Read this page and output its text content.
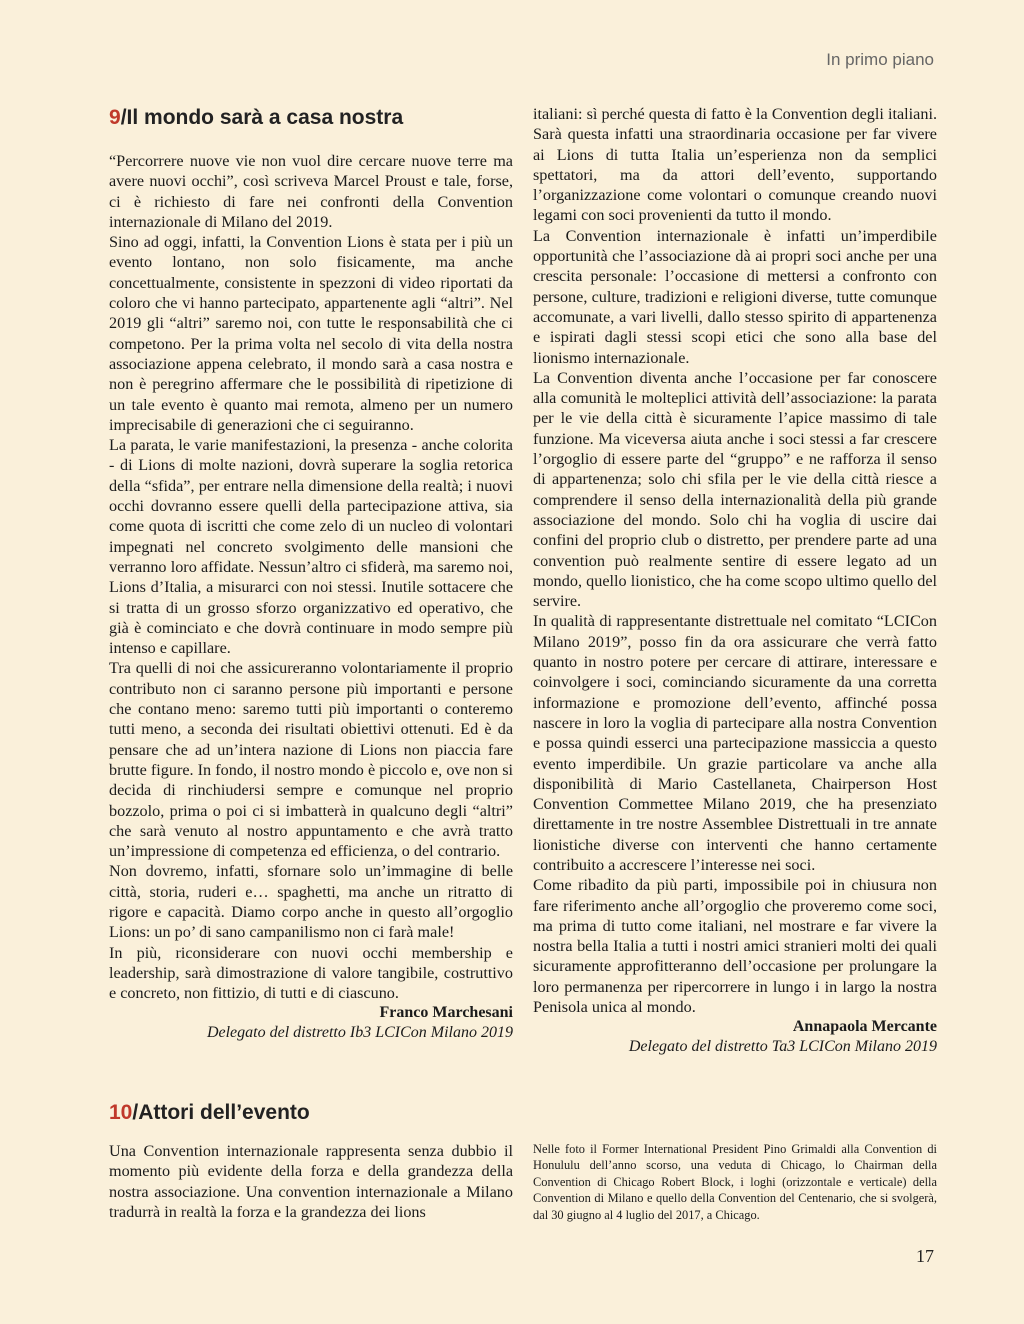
In primo piano
9/Il mondo sarà a casa nostra

“Percorrere nuove vie non vuol dire cercare nuove terre ma avere nuovi occhi”, così scriveva Marcel Proust e tale, forse, ci è richiesto di fare nei confronti della Convention internazionale di Milano del 2019.

Sino ad oggi, infatti, la Convention Lions è stata per i più un evento lontano, non solo fisicamente, ma anche concettualmente, consistente in spezzoni di video riportati da coloro che vi hanno partecipato, appartenente agli “altri”. Nel 2019 gli “altri” saremo noi, con tutte le responsabilità che ci competono. Per la prima volta nel secolo di vita della nostra associazione appena celebrato, il mondo sarà a casa nostra e non è peregrino affermare che le possibilità di ripetizione di un tale evento è quanto mai remota, almeno per un numero imprecisabile di generazioni che ci seguiranno.

La parata, le varie manifestazioni, la presenza - anche colorita - di Lions di molte nazioni, dovrà superare la soglia retorica della “sfida”, per entrare nella dimensione della realtà; i nuovi occhi dovranno essere quelli della partecipazione attiva, sia come quota di iscritti che come zelo di un nucleo di volontari impegnati nel concreto svolgimento delle mansioni che verranno loro affidate. Nessun’altro ci sfiderà, ma saremo noi, Lions d’Italia, a misurarci con noi stessi. Inutile sottacere che si tratta di un grosso sforzo organizzativo ed operativo, che già è cominciato e che dovrà continuare in modo sempre più intenso e capillare.

Tra quelli di noi che assicureranno volontariamente il proprio contributo non ci saranno persone più importanti e persone che contano meno: saremo tutti più importanti o conteremo tutti meno, a seconda dei risultati obiettivi ottenuti. Ed è da pensare che ad un’intera nazione di Lions non piaccia fare brutte figure. In fondo, il nostro mondo è piccolo e, ove non si decida di rinchiudersi sempre e comunque nel proprio bozzolo, prima o poi ci si imbatterà in qualcuno degli “altri” che sarà venuto al nostro appuntamento e che avrà tratto un’impressione di competenza ed efficienza, o del contrario.

Non dovremo, infatti, sfornare solo un’immagine di belle città, storia, ruderi e… spaghetti, ma anche un ritratto di rigore e capacità. Diamo corpo anche in questo all’orgoglio Lions: un po’ di sano campanilismo non ci farà male!

In più, riconsiderare con nuovi occhi membership e leadership, sarà dimostrazione di valore tangibile, costruttivo e concreto, non fittizio, di tutti e di ciascuno.

Franco Marchesani

Delegato del distretto Ib3 LCICon Milano 2019

italiani: sì perché questa di fatto è la Convention degli italiani. Sarà questa infatti una straordinaria occasione per far vivere ai Lions di tutta Italia un’esperienza non da semplici spettatori, ma da attori dell’evento, supportando l’organizzazione come volontari o comunque creando nuovi legami con soci provenienti da tutto il mondo.

La Convention internazionale è infatti un’imperdibile opportunità che l’associazione dà ai propri soci anche per una crescita personale: l’occasione di mettersi a confronto con persone, culture, tradizioni e religioni diverse, tutte comunque accomunate, a vari livelli, dallo stesso spirito di appartenenza e ispirati dagli stessi scopi etici che sono alla base del lionismo internazionale.

La Convention diventa anche l’occasione per far conoscere alla comunità le molteplici attività dell’associazione: la parata per le vie della città è sicuramente l’apice massimo di tale funzione. Ma viceversa aiuta anche i soci stessi a far crescere l’orgoglio di essere parte del “gruppo” e ne rafforza il senso di appartenenza; solo chi sfila per le vie della città riesce a comprendere il senso della internazionalità della più grande associazione del mondo. Solo chi ha voglia di uscire dai confini del proprio club o distretto, per prendere parte ad una convention può realmente sentire di essere legato ad un mondo, quello lionistico, che ha come scopo ultimo quello del servire.

In qualità di rappresentante distrettuale nel comitato “LCICon Milano 2019”, posso fin da ora assicurare che verrà fatto quanto in nostro potere per cercare di attirare, interessare e coinvolgere i soci, cominciando sicuramente da una corretta informazione e promozione dell’evento, affinché possa nascere in loro la voglia di partecipare alla nostra Convention e possa quindi esserci una partecipazione massiccia a questo evento imperdibile. Un grazie particolare va anche alla disponibilità di Mario Castellaneta, Chairperson Host Convention Commettee Milano 2019, che ha presenziato direttamente in tre nostre Assemblee Distrettuali in tre annate lionistiche diverse con interventi che hanno certamente contribuito a accrescere l’interesse nei soci.

Come ribadito da più parti, impossibile poi in chiusura non fare riferimento anche all’orgoglio che proveremo come soci, ma prima di tutto come italiani, nel mostrare e far vivere la nostra bella Italia a tutti i nostri amici stranieri molti dei quali sicuramente approfitteranno dell’occasione per prolungare la loro permanenza per ripercorrere in lungo i in largo la nostra Penisola unica al mondo.

Annapaola Mercante

Delegato del distretto Ta3 LCICon Milano 2019

10/Attori dell’evento

Una Convention internazionale rappresenta senza dubbio il momento più evidente della forza e della grandezza della nostra associazione. Una convention internazionale a Milano tradurrà in realtà la forza e la grandezza dei lions

Nelle foto il Former International President Pino Grimaldi alla Convention di Honululu dell’anno scorso, una veduta di Chicago, lo Chairman della Convention di Chicago Robert Block, i loghi (orizzontale e verticale) della Convention di Milano e quello della Convention del Centenario, che si svolgerà, dal 30 giugno al 4 luglio del 2017, a Chicago.

17
